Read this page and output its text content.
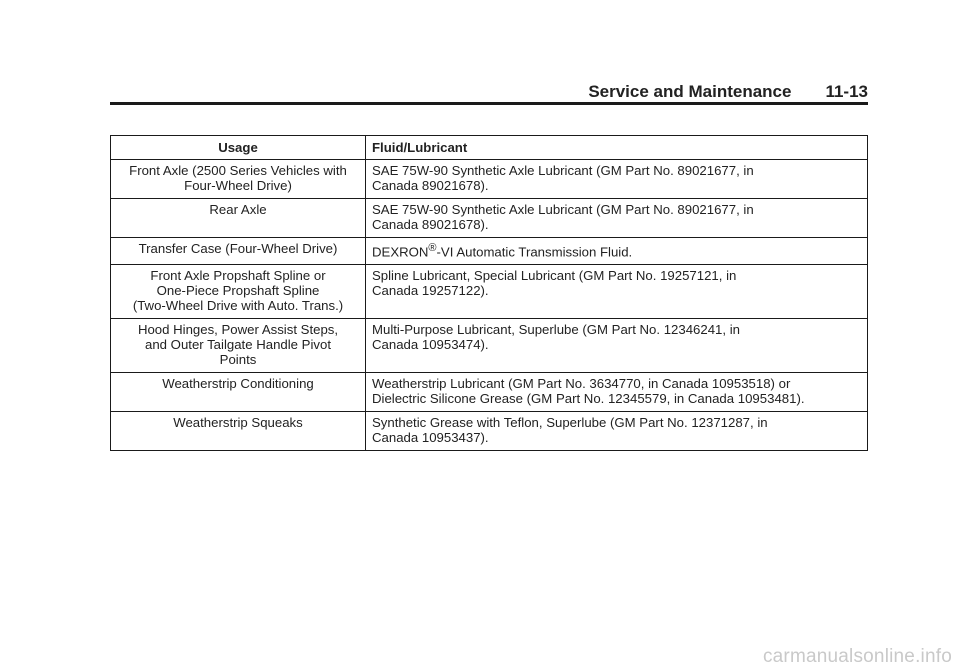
Service and Maintenance 11-13
Usage	Fluid/Lubricant

Front Axle (2500 Series Vehicles with
Four-Wheel Drive)	SAE 75W-90 Synthetic Axle Lubricant (GM Part No. 89021677, in
Canada 89021678).

Rear Axle	SAE 75W-90 Synthetic Axle Lubricant (GM Part No. 89021677, in
Canada 89021678).

Transfer Case (Four-Wheel Drive)	DEXRON®-VI Automatic Transmission Fluid.

Front Axle Propshaft Spline or
One-Piece Propshaft Spline
(Two-Wheel Drive with Auto. Trans.)	Spline Lubricant, Special Lubricant (GM Part No. 19257121, in
Canada 19257122).

Hood Hinges, Power Assist Steps,
and Outer Tailgate Handle Pivot
Points	Multi-Purpose Lubricant, Superlube (GM Part No. 12346241, in
Canada 10953474).

Weatherstrip Conditioning	Weatherstrip Lubricant (GM Part No. 3634770, in Canada 10953518) or
Dielectric Silicone Grease (GM Part No. 12345579, in Canada 10953481).

Weatherstrip Squeaks	Synthetic Grease with Teflon, Superlube (GM Part No. 12371287, in
Canada 10953437).
carmanualsonline.info
